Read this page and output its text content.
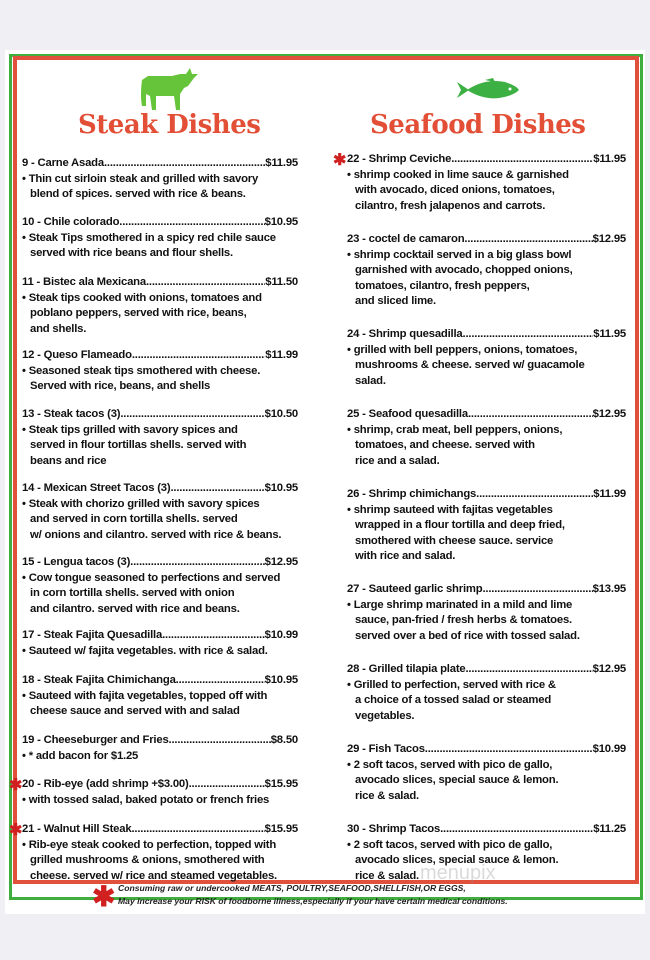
Steak Dishes	Seafood Dishes
9 - Carne Asada
.....	$11.95
• Thin cut sirloin steak and grilled with savory
blend of spices. served with rice & beans.
10 - Chile colorado
.....	$10.95
• Steak Tips smothered in a spicy red chile sauce
served with rice beans and flour shells.
11 - Bistec ala Mexicana
.....	$11.50
• Steak tips cooked with onions, tomatoes and
poblano peppers, served with rice, beans,
and shells.
12 - Queso Flameado
.....	$11.99
• Seasoned steak tips smothered with cheese.
Served with rice, beans, and shells
13 - Steak tacos (3)
.....	$10.50
• Steak tips grilled with savory spices and
served in flour tortillas shells. served with
beans and rice
14 - Mexican Street Tacos (3)
.....	$10.95
• Steak with chorizo grilled with savory spices
and served in corn tortilla shells. served
w/ onions and cilantro. served with rice & beans.
15 - Lengua tacos (3)
.....	$12.95
• Cow tongue seasoned to perfections and served
in corn tortilla shells. served with onion
and cilantro. served with rice and beans.
17 - Steak Fajita Quesadilla
.....	$10.99
• Sauteed w/ fajita vegetables. with rice & salad.
18 - Steak Fajita Chimichanga
.....	$10.95
• Sauteed with fajita vegetables, topped off with
cheese sauce and served with and salad
19 - Cheeseburger and Fries
.....	$8.50
• * add bacon for $1.25
20 - Rib-eye (add shrimp +$3.00)
.....	$15.95
• with tossed salad, baked potato or french fries
21 - Walnut Hill Steak
.....	$15.95
• Rib-eye steak cooked to perfection, topped with
grilled mushrooms & onions, smothered with
cheese. served w/ rice and steamed vegetables.
22 - Shrimp Ceviche
.....	$11.95
• shrimp cooked in lime sauce & garnished
with avocado, diced onions, tomatoes,
cilantro, fresh jalapenos and carrots.
23 - coctel de camaron
.....	$12.95
• shrimp cocktail served in a big glass bowl
garnished with avocado, chopped onions,
tomatoes, cilantro, fresh peppers,
and sliced lime.
24 - Shrimp quesadilla
.....	$11.95
• grilled with bell peppers, onions, tomatoes,
mushrooms & cheese. served w/ guacamole
salad.
25 - Seafood quesadilla
.....	$12.95
• shrimp, crab meat, bell peppers, onions,
tomatoes, and cheese. served with
rice and a salad.
26 - Shrimp chimichangs
.....	$11.99
• shrimp sauteed with fajitas vegetables
wrapped in a flour tortilla and deep fried,
smothered with cheese sauce. service
with rice and salad.
27 - Sauteed garlic shrimp
.....	$13.95
• Large shrimp marinated in a mild and lime
sauce, pan-fried / fresh herbs & tomatoes.
served over a bed of rice with tossed salad.
28 - Grilled tilapia plate
.....	$12.95
• Grilled to perfection, served with rice &
a choice of a tossed salad or steamed
vegetables.
29 - Fish Tacos
.....	$10.99
• 2 soft tacos, served with pico de gallo,
avocado slices, special sauce & lemon.
rice & salad.
30 - Shrimp Tacos
.....	$11.25
• 2 soft tacos, served with pico de gallo,
avocado slices, special sauce & lemon.
rice & salad.
✱
✱
✱
✱ Consuming raw or undercooked MEATS, POULTRY,SEAFOOD,SHELLFISH,OR EGGS,
May increase your RISK of foodborne illness,especially if your have certain medical conditions.
menupix
